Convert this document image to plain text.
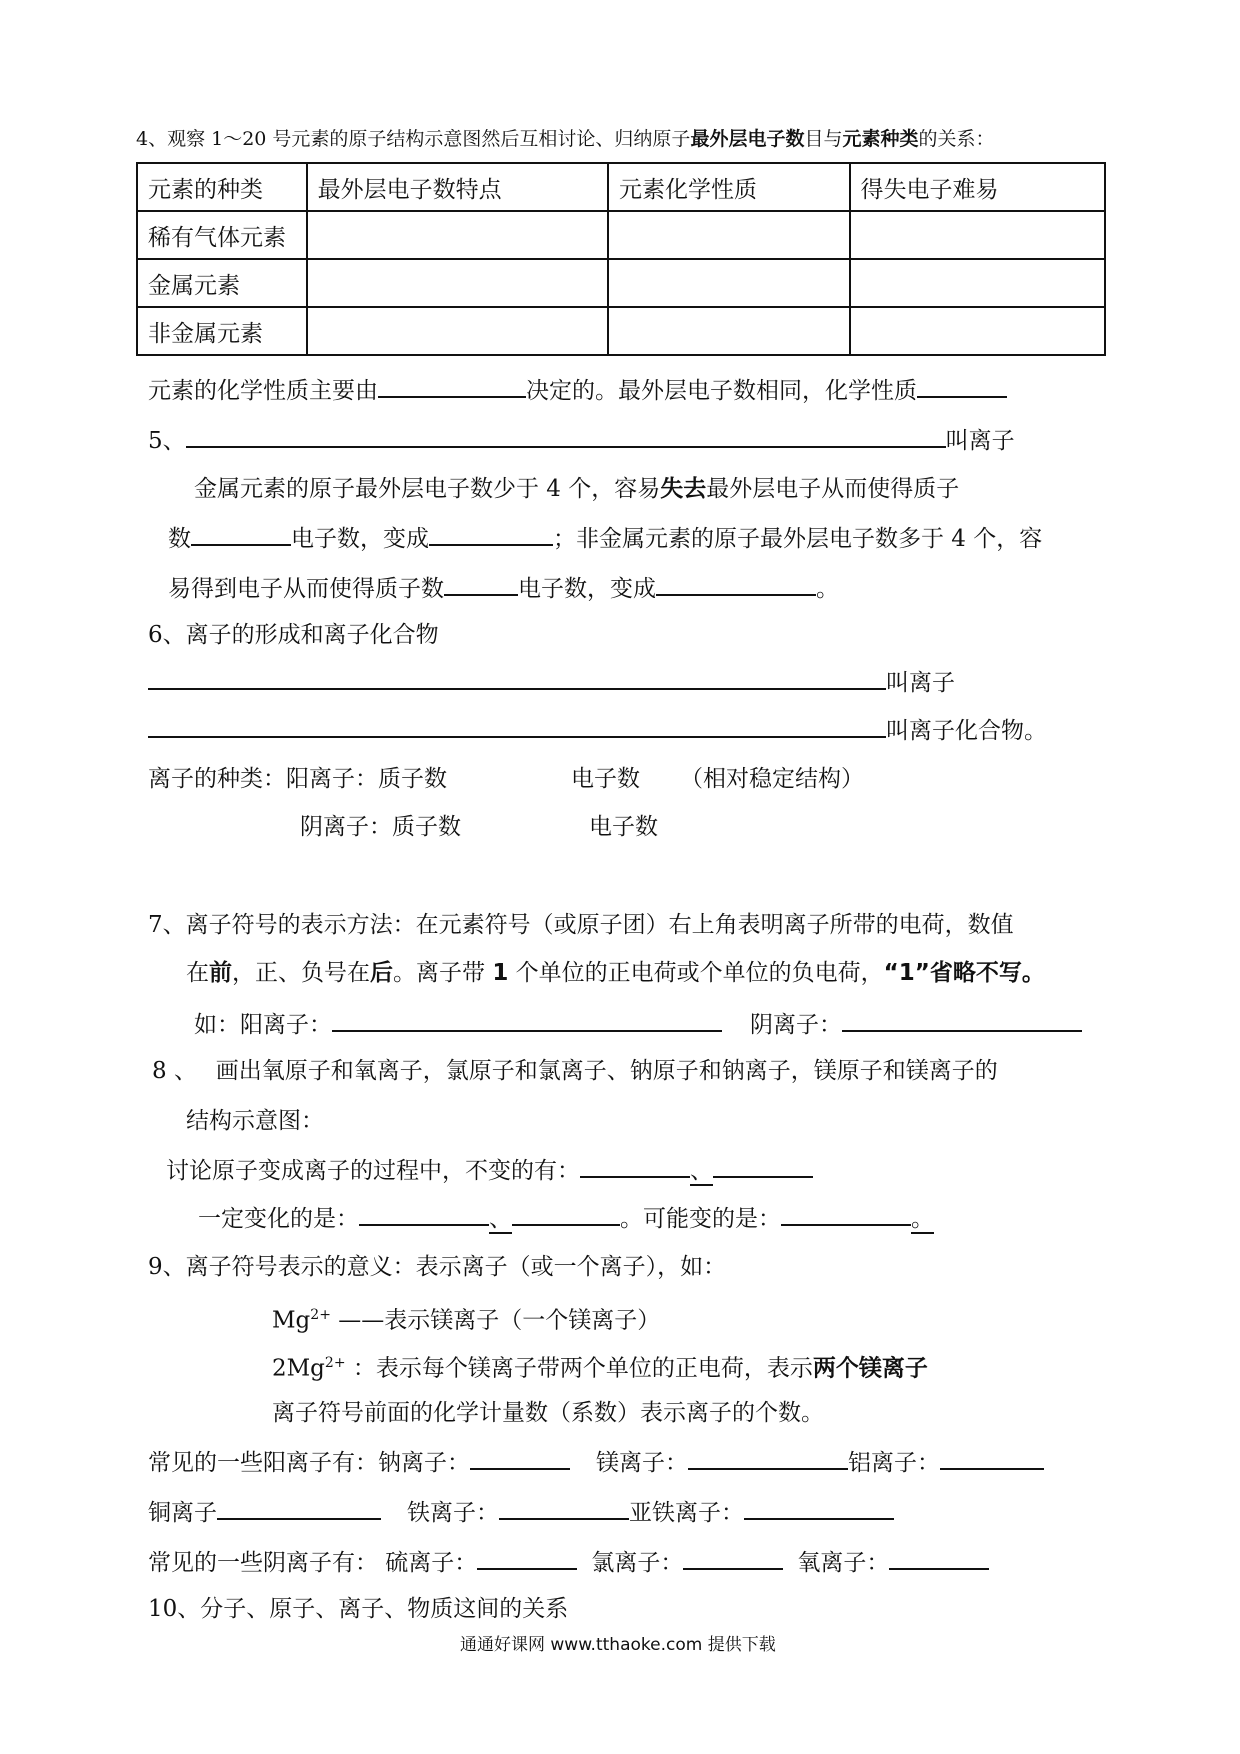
4、观察 1～20 号元素的原子结构示意图然后互相讨论、归纳原子最外层电子数目与元素种类的关系：
元素的种类	最外层电子数特点	元素化学性质	得失电子难易
稀有气体元素			
金属元素			
非金属元素			
元素的化学性质主要由	决定的。最外层电子数相同，化学性质
5、	叫离子
金属元素的原子最外层电子数少于 4 个，容易失去最外层电子从而使得质子
数	电子数，变成	；非金属元素的原子最外层电子数多于 4 个，容
易得到电子从而使得质子数	电子数，变成	。
6、离子的形成和离子化合物
叫离子
叫离子化合物。
离子的种类：阳离子：质子数	电子数 （相对稳定结构）
阴离子：质子数	电子数
7、离子符号的表示方法：在元素符号（或原子团）右上角表明离子所带的电荷，数值
在前，正、负号在后。离子带 1 个单位的正电荷或个单位的负电荷，“1”省略不写。
如：阳离子：	阴离子：
8 、　 画出氧原子和氧离子，氯原子和氯离子、钠原子和钠离子，镁原子和镁离子的
结构示意图：
讨论原子变成离子的过程中，不变的有：	、
一定变化的是：	、	。可能变的是：	。
9、离子符号表示的意义：表示离子（或一个离子），如：
$Mg^{2+}$ ——表示镁离子（一个镁离子）
$2Mg^{2+}$ ：表示每个镁离子带两个单位的正电荷，表示两个镁离子
离子符号前面的化学计量数（系数）表示离子的个数。
常见的一些阳离子有：钠离子：	镁离子：	铝离子：
铜离子	铁离子：	亚铁离子：
常见的一些阴离子有： 硫离子：	氯离子：	氧离子：
10、分子、原子、离子、物质这间的关系
通通好课网 www.tthaoke.com 提供下载
